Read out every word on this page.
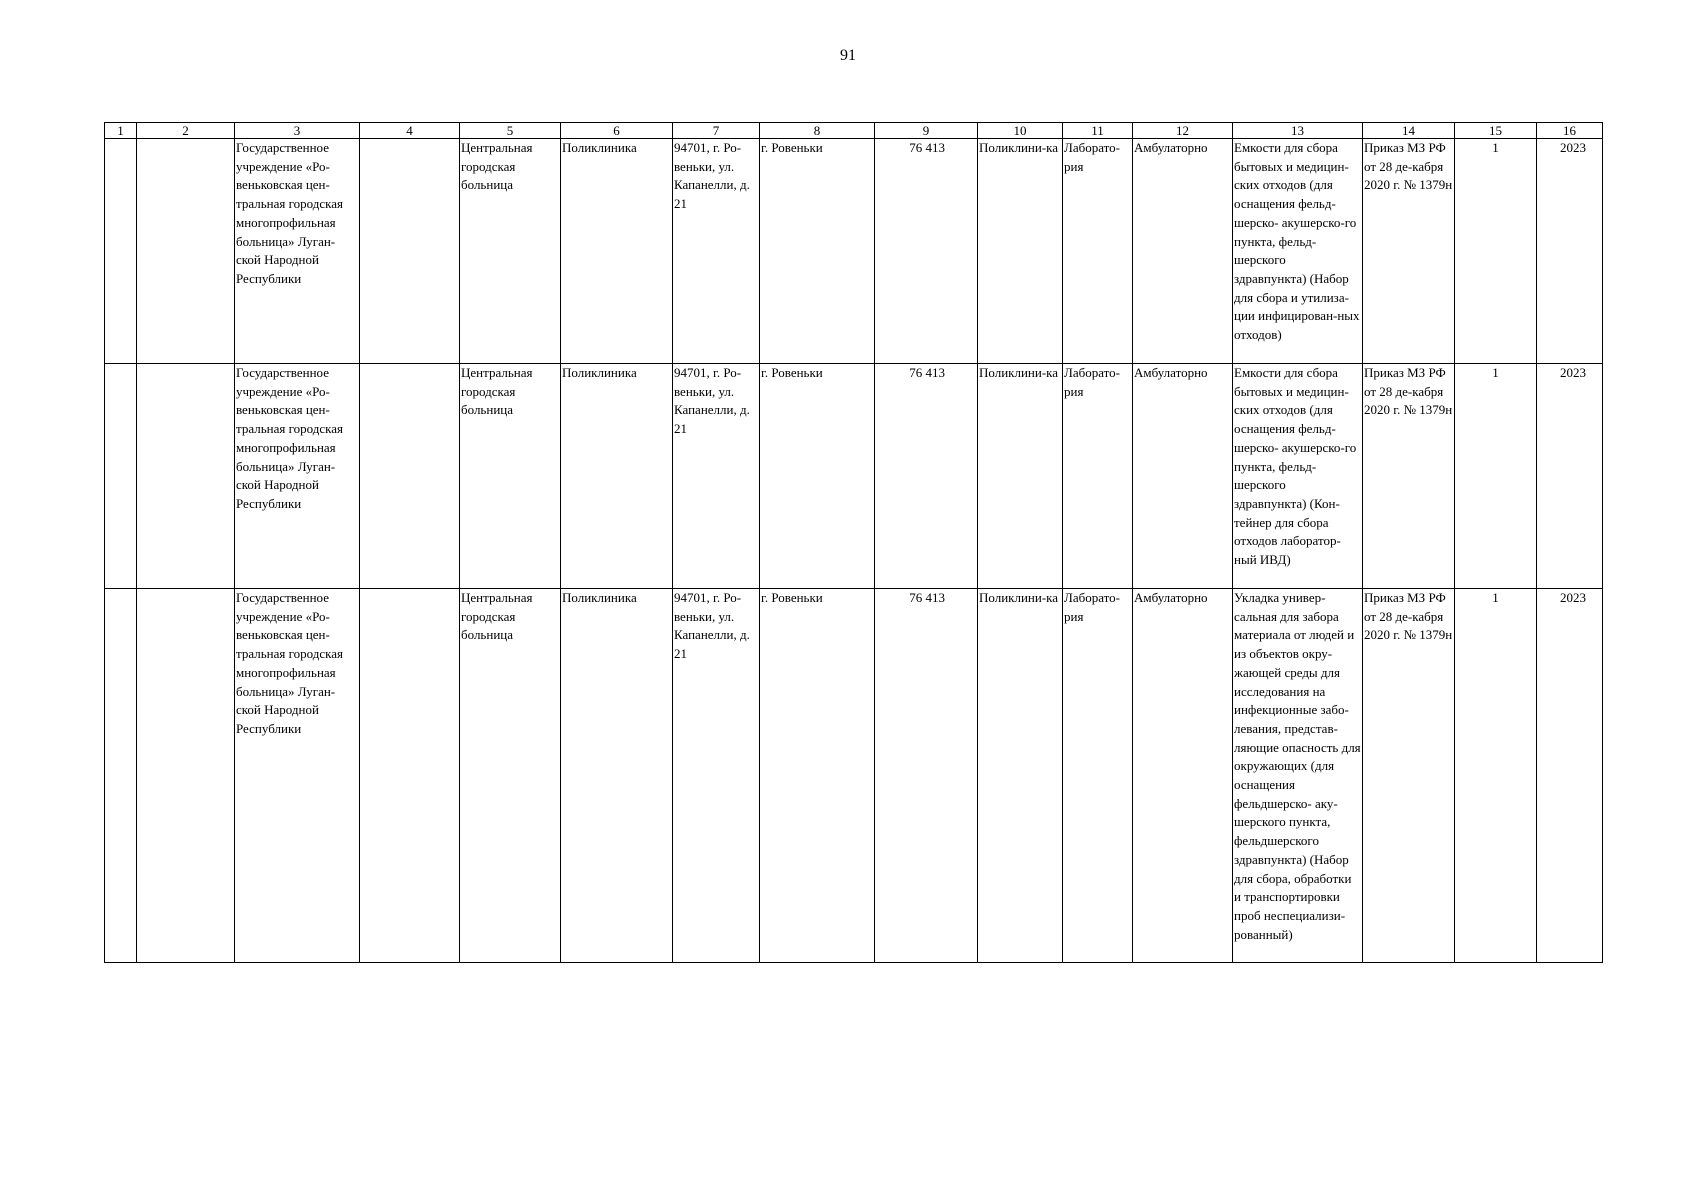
91
1	2	3	4	5	6	7	8	9	10	11	12	13	14	15	16
		Государственное учреждение «Ро-веньковская цен-тральная городская многопрофильная больница» Луган-ской Народной Республики		Центральная городская больница	Поликлиника	94701, г. Ро-веньки, ул. Капанелли, д. 21	г. Ровеньки	76 413	Поликлини-ка	Лаборато-рия	Амбулаторно	Емкости для сбора бытовых и медицин-ских отходов (для оснащения фельд-шерско- акушерско-го пункта, фельд-шерского здравпункта) (Набор для сбора и утилиза-ции инфицирован-ных отходов)	Приказ МЗ РФ от 28 де-кабря 2020 г. № 1379н	1	2023
		Государственное учреждение «Ро-веньковская цен-тральная городская многопрофильная больница» Луган-ской Народной Республики		Центральная городская больница	Поликлиника	94701, г. Ро-веньки, ул. Капанелли, д. 21	г. Ровеньки	76 413	Поликлини-ка	Лаборато-рия	Амбулаторно	Емкости для сбора бытовых и медицин-ских отходов (для оснащения фельд-шерско- акушерско-го пункта, фельд-шерского здравпункта) (Кон-тейнер для сбора отходов лаборатор-ный ИВД)	Приказ МЗ РФ от 28 де-кабря 2020 г. № 1379н	1	2023
		Государственное учреждение «Ро-веньковская цен-тральная городская многопрофильная больница» Луган-ской Народной Республики		Центральная городская больница	Поликлиника	94701, г. Ро-веньки, ул. Капанелли, д. 21	г. Ровеньки	76 413	Поликлини-ка	Лаборато-рия	Амбулаторно	Укладка универ-сальная для забора материала от людей и из объектов окру-жающей среды для исследования на инфекционные забо-левания, представ-ляющие опасность для окружающих (для оснащения фельдшерско- аку-шерского пункта, фельдшерского здравпункта) (Набор для сбора, обработки и транспортировки проб неспециализи-рованный)	Приказ МЗ РФ от 28 де-кабря 2020 г. № 1379н	1	2023
